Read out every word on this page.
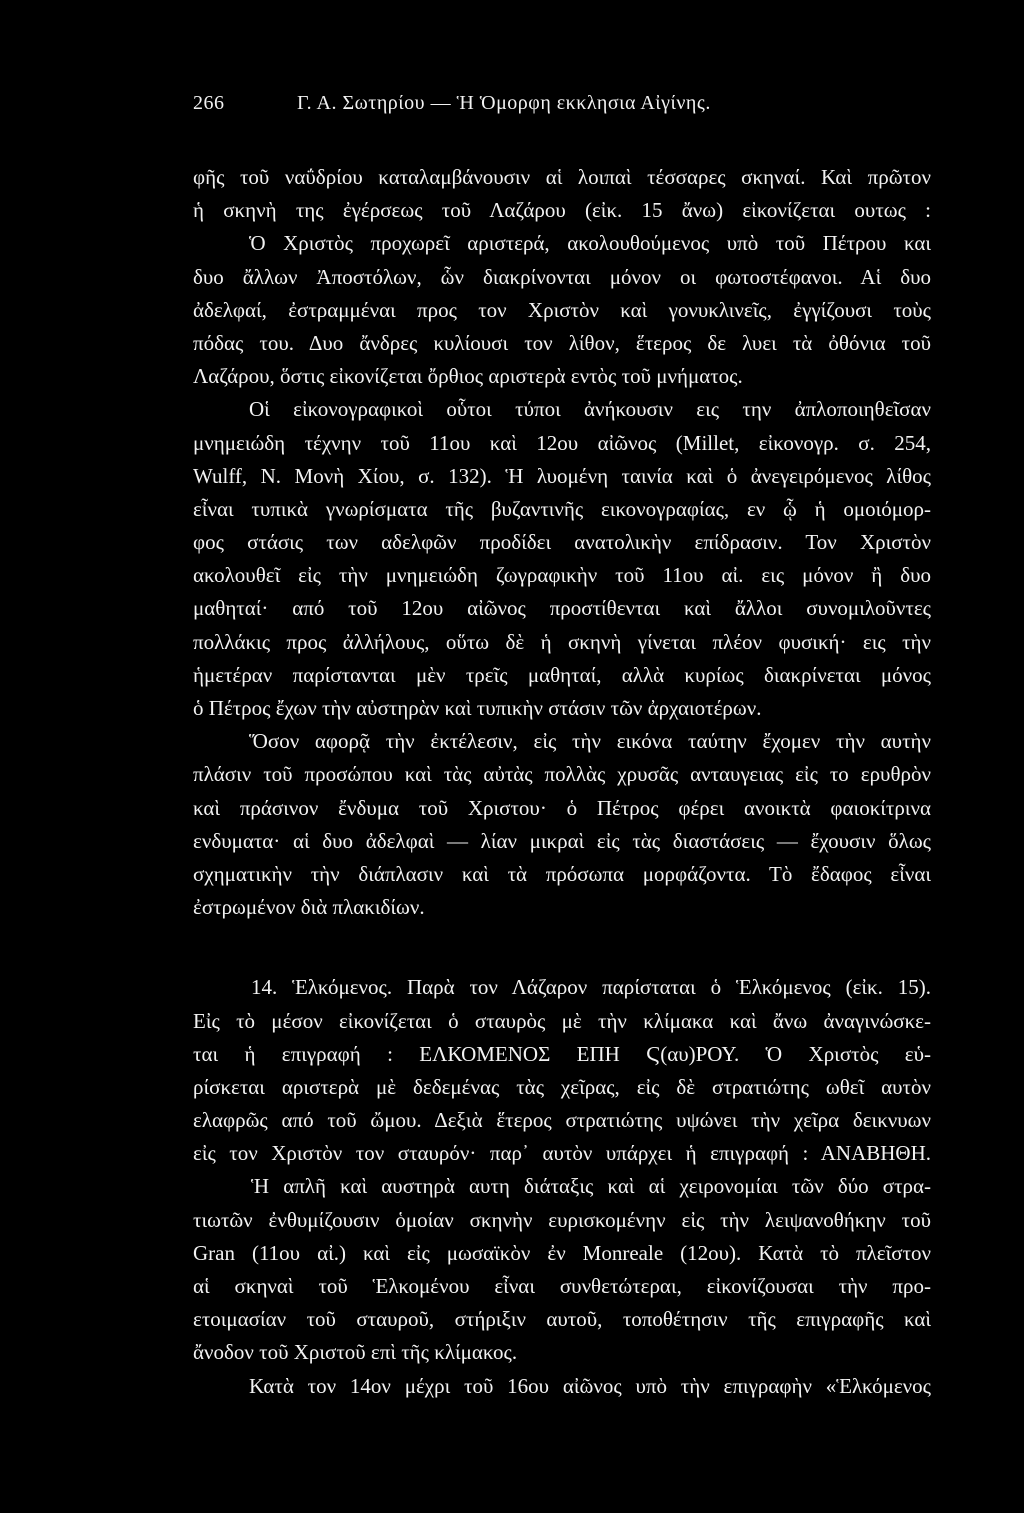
266	Γ. Α. Σωτηρίου — Ἡ Ὁμορφη εκκλησια Αἰγίνης.
φῆς τοῦ ναΰδρίου καταλαμβάνουσιν αἱ λοιπαὶ τέσσαρες σκηναί. Καὶ πρῶτον
ἡ σκηνὴ της ἐγέρσεως τοῦ Λαζάρου (εἰκ. 15 ἄνω) εἰκονίζεται ουτως :
Ὁ Χριστὸς προχωρεῖ αριστερά, ακολουθούμενος υπὸ τοῦ Πέτρου και
δυο ἄλλων Ἀποστόλων, ὧν διακρίνονται μόνον οι φωτοστέφανοι. Αἱ δυο
ἀδελφαί, ἐστραμμέναι προς τον Χριστὸν καὶ γονυκλινεῖς, ἐγγίζουσι τοὺς
πόδας του. Δυο ἄνδρες κυλίουσι τον λίθον, ἕτερος δε λυει τὰ ὀθόνια τοῦ
Λαζάρου, ὅστις εἰκονίζεται ὄρθιος αριστερὰ εντὸς τοῦ μνήματος.
Οἱ εἰκονογραφικοὶ οὗτοι τύποι ἀνήκουσιν εις την ἀπλοποιηθεῖσαν
μνημειώδη τέχνην τοῦ 11ου καὶ 12ου αἰῶνος (Millet, εἰκονογρ. σ. 254,
Wulff, N. Μονὴ Χίου, σ. 132). Ἡ λυομένη ταινία καὶ ὁ ἀνεγειρόμενος λίθος
εἶναι τυπικὰ γνωρίσματα τῆς βυζαντινῆς εικονογραφίας, εν ᾧ ἡ ομοιόμορ-
φος στάσις των αδελφῶν προδίδει ανατολικὴν επίδρασιν. Τον Χριστὸν
ακολουθεῖ εἰς τὴν μνημειώδη ζωγραφικὴν τοῦ 11ου αἰ. εις μόνον ἢ δυο
μαθηταί· από τοῦ 12ου αἰῶνος προστίθενται καὶ ἄλλοι συνομιλοῦντες
πολλάκις προς ἀλλήλους, οὕτω δὲ ἡ σκηνὴ γίνεται πλέον φυσική· εις τὴν
ἡμετέραν παρίστανται μὲν τρεῖς μαθηταί, αλλὰ κυρίως διακρίνεται μόνος
ὁ Πέτρος ἔχων τὴν αὐστηρὰν καὶ τυπικὴν στάσιν τῶν ἀρχαιοτέρων.
Ὅσον αφορᾷ τὴν ἐκτέλεσιν, εἰς τὴν εικόνα ταύτην ἔχομεν τὴν αυτὴν
πλάσιν τοῦ προσώπου καὶ τὰς αὐτὰς πολλὰς χρυσᾶς ανταυγειας εἰς το ερυθρὸν
καὶ πράσινον ἔνδυμα τοῦ Χριστου· ὁ Πέτρος φέρει ανοικτὰ φαιοκίτρινα
ενδυματα· αἱ δυο ἀδελφαὶ — λίαν μικραὶ εἰς τὰς διαστάσεις — ἔχουσιν ὅλως
σχηματικὴν τὴν διάπλασιν καὶ τὰ πρόσωπα μορφάζοντα. Τὸ ἔδαφος εἶναι
ἐστρωμένον διὰ πλακιδίων.
14. Ἑλκόμενος. Παρὰ τον Λάζαρον παρίσταται ὁ Ἑλκόμενος (εἰκ. 15).
Εἰς τὸ μέσον εἰκονίζεται ὁ σταυρὸς μὲ τὴν κλίμακα καὶ ἄνω ἀναγινώσκε-
ται ἡ επιγραφή : ΕΛΚΟΜΕΝΟΣ ΕΠΗ Ϛ(αυ)ΡΟΥ. Ὁ Χριστὸς εὑ-
ρίσκεται αριστερὰ μὲ δεδεμένας τὰς χεῖρας, εἰς δὲ στρατιώτης ωθεῖ αυτὸν
ελαφρῶς από τοῦ ὤμου. Δεξιὰ ἕτερος στρατιώτης υψώνει τὴν χεῖρα δεικνυων
εἰς τον Χριστὸν τον σταυρόν· παρ᾽ αυτὸν υπάρχει ἡ επιγραφή : ΑΝΑΒΗΘΗ.
Ἡ απλῆ καὶ αυστηρὰ αυτη διάταξις καὶ αἱ χειρονομίαι τῶν δύο στρα-
τιωτῶν ἐνθυμίζουσιν ὁμοίαν σκηνὴν ευρισκομένην εἰς τὴν λειψανοθήκην τοῦ
Gran (11ου αἰ.) καὶ εἰς μωσαϊκὸν ἐν Monreale (12ου). Κατὰ τὸ πλεῖστον
αἱ σκηναὶ τοῦ Ἑλκομένου εἶναι συνθετώτεραι, εἰκονίζουσαι τὴν προ-
ετοιμασίαν τοῦ σταυροῦ, στήριξιν αυτοῦ, τοποθέτησιν τῆς επιγραφῆς καὶ
ἄνοδον τοῦ Χριστοῦ επὶ τῆς κλίμακος.
Κατὰ τον 14ον μέχρι τοῦ 16ου αἰῶνος υπὸ τὴν επιγραφὴν «Ἑλκόμενος
